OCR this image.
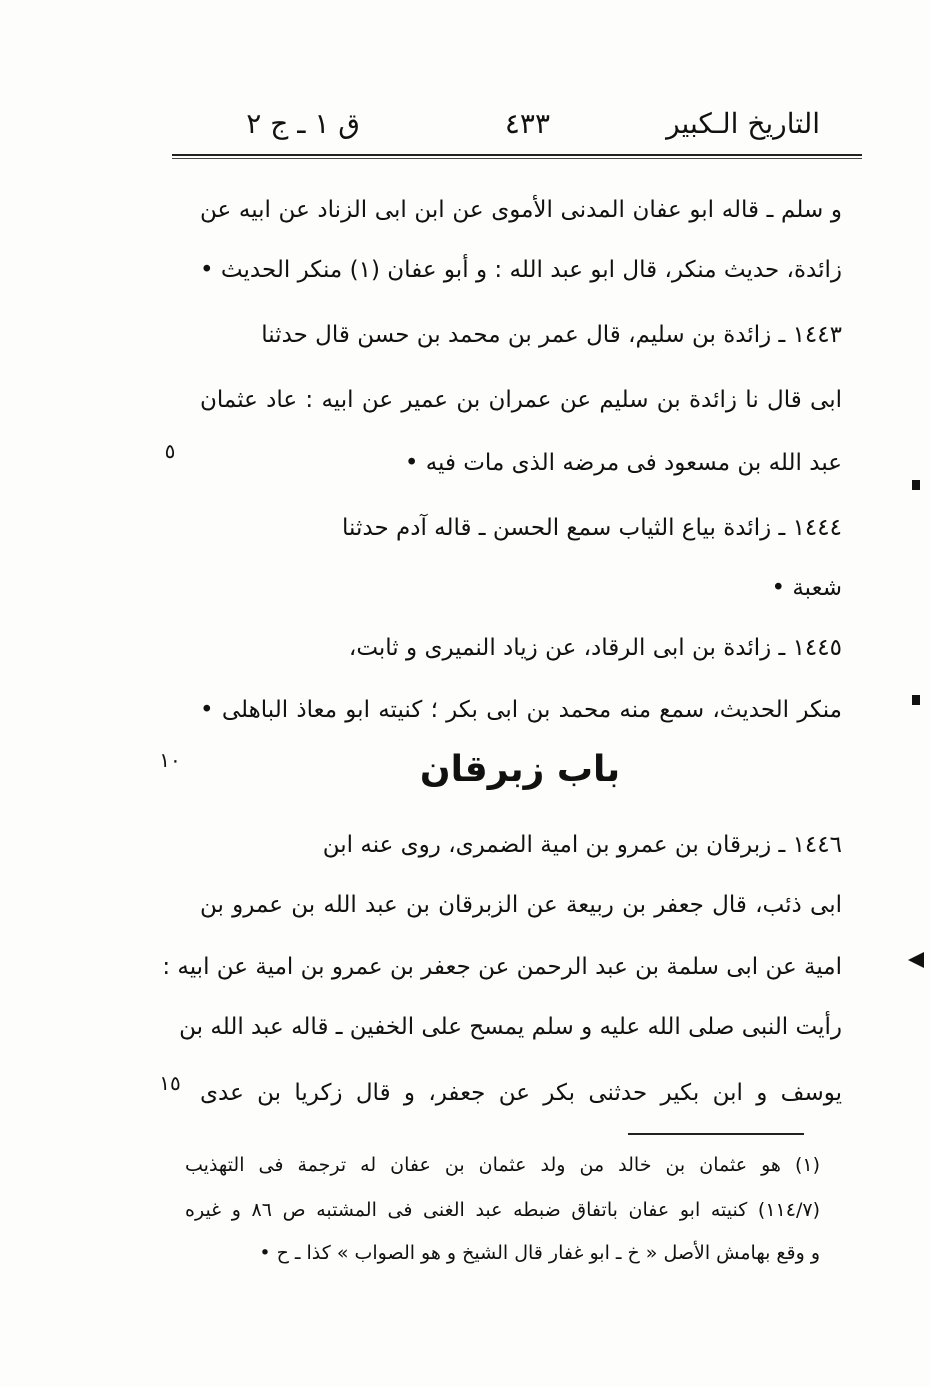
التاريخ الـكبير
٤٣٣
ق ١ ـ ج ٢
و سلم ـ قاله ابو عفان المدنى الأموى عن ابن ابى الزناد عن ابيه عن
زائدة، حديث منكر، قال ابو عبد الله : و أبو عفان (١) منكر الحديث •
١٤٤٣ ـ زائدة بن سليم، قال عمر بن محمد بن حسن قال حدثنا
ابى قال نا زائدة بن سليم عن عمران بن عمير عن ابيه : عاد عثمان
عبد الله بن مسعود فى مرضه الذى مات فيه •
١٤٤٤ ـ زائدة بياع الثياب سمع الحسن ـ قاله آدم حدثنا
شعبة •
١٤٤٥ ـ زائدة بن ابى الرقاد، عن زياد النميرى و ثابت،
منكر الحديث، سمع منه محمد بن ابى بكر ؛ كنيته ابو معاذ الباهلى •
باب زبرقان
١٤٤٦ ـ زبرقان بن عمرو بن امية الضمرى، روى عنه ابن
ابى ذئب، قال جعفر بن ربيعة عن الزبرقان بن عبد الله بن عمرو بن
امية عن ابى سلمة بن عبد الرحمن عن جعفر بن عمرو بن امية عن ابيه :
رأيت النبى صلى الله عليه و سلم يمسح على الخفين ـ قاله عبد الله بن
يوسف و ابن بكير حدثنى بكر عن جعفر، و قال زكريا بن عدى
٥
١٠
١٥
(١) هو عثمان بن خالد من ولد عثمان بن عفان له ترجمة فى التهذيب
(١١٤/٧) كنيته ابو عفان باتفاق ضبطه عبد الغنى فى المشتبه ص ٨٦ و غيره
و وقع بهامش الأصل « خ ـ ابو غفار قال الشيخ و هو الصواب » كذا ـ ح •
